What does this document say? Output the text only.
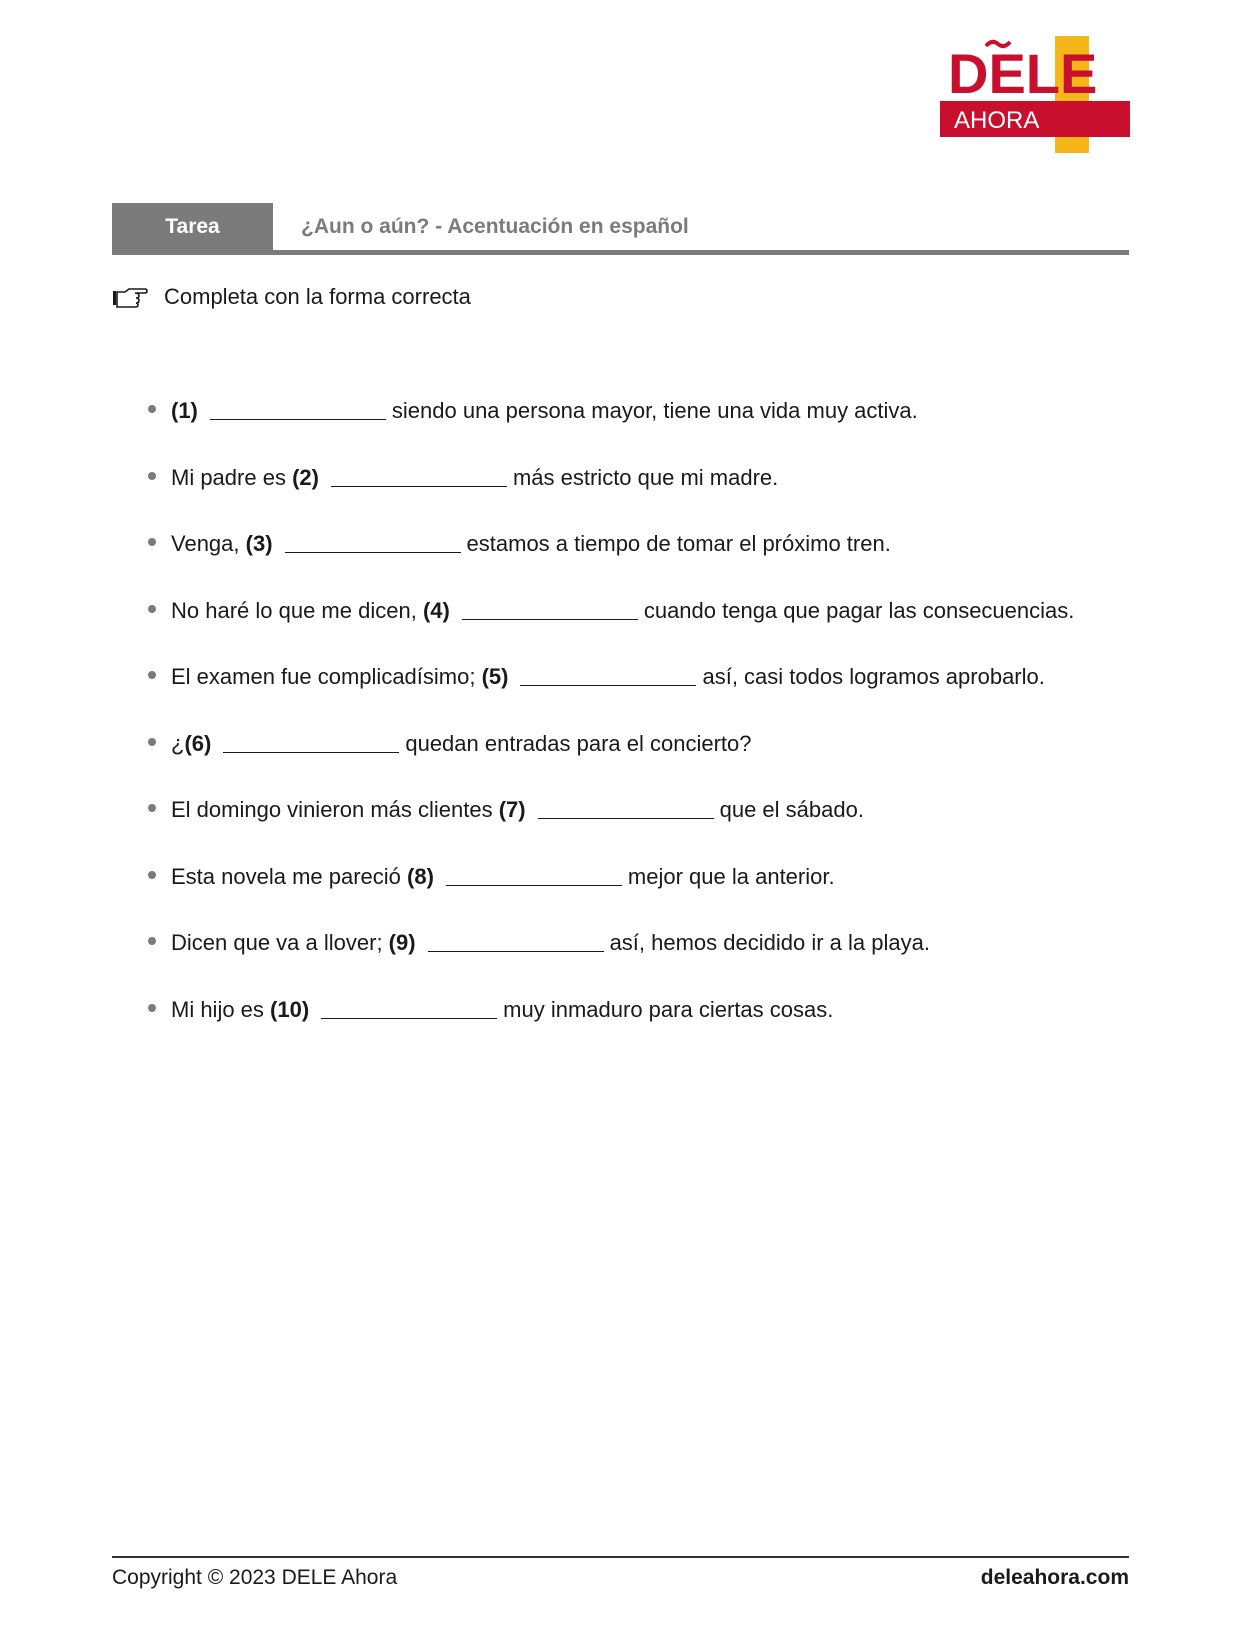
DELE
AHORA
Tarea	¿Aun o aún? - Acentuación en español
Completa con la forma correcta
(1)	siendo una persona mayor, tiene una vida muy activa.
Mi padre es (2)	más estricto que mi madre.
Venga, (3)	estamos a tiempo de tomar el próximo tren.
No haré lo que me dicen, (4)	cuando tenga que pagar las consecuencias.
El examen fue complicadísimo; (5)	así, casi todos logramos aprobarlo.
¿ (6)	quedan entradas para el concierto?
El domingo vinieron más clientes (7)	que el sábado.
Esta novela me pareció (8)	mejor que la anterior.
Dicen que va a llover; (9)	así, hemos decidido ir a la playa.
Mi hijo es (10)	muy inmaduro para ciertas cosas.
Copyright © 2023 DELE Ahora	deleahora.com
